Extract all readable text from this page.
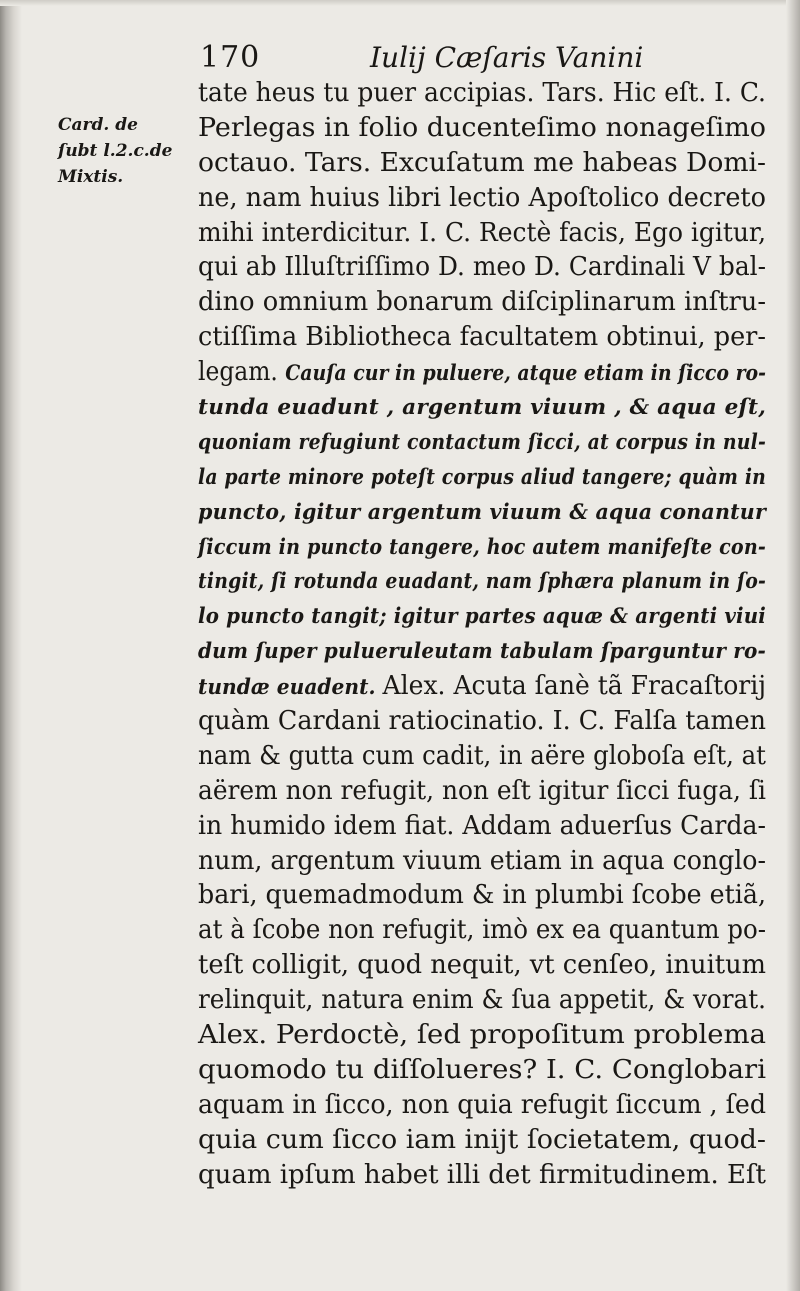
170	Iulij Cæſaris Vanini
Card. de
ſubt l.2.c.de
Mixtis.
tate heus tu puer accipias. Tars. Hic eſt. I. C.
Perlegas in folio ducenteſimo nonageſimo
octauo. Tars. Excuſatum me habeas Domi-
ne, nam huius libri lectio Apoſtolico decreto
mihi interdicitur. I. C. Rectè facis, Ego igitur,
qui ab Illuſtriſſimo D. meo D. Cardinali V bal-
dino omnium bonarum diſciplinarum inſtru-
ctiſſima Bibliotheca facultatem obtinui, per-
legam. Cauſa cur in puluere, atque etiam in ſicco ro-
tunda euadunt , argentum viuum , & aqua eſt,
quoniam refugiunt contactum ſicci, at corpus in nul-
la parte minore poteſt corpus aliud tangere; quàm in
puncto, igitur argentum viuum & aqua conantur
ſiccum in puncto tangere, hoc autem manifeſte con-
tingit, ſi rotunda euadant, nam ſphæra planum in ſo-
lo puncto tangit; igitur partes aquæ & argenti viui
dum ſuper pulueruleutam tabulam ſparguntur ro-
tundæ euadent. Alex. Acuta ſanè tã Fracaſtorij
quàm Cardani ratiocinatio. I. C. Falſa tamen
nam & gutta cum cadit, in aëre globoſa eſt, at
aërem non refugit, non eſt igitur ſicci fuga, ſi
in humido idem fiat. Addam aduerſus Carda-
num, argentum viuum etiam in aqua conglo-
bari, quemadmodum & in plumbi ſcobe etiã,
at à ſcobe non refugit, imò ex ea quantum po-
teſt colligit, quod nequit, vt cenſeo, inuitum
relinquit, natura enim & ſua appetit, & vorat.
Alex. Perdoctè, ſed propoſitum problema
quomodo tu diſſolueres? I. C. Conglobari
aquam in ſicco, non quia refugit ſiccum , ſed
quia cum ſicco iam inijt ſocietatem, quod-
quam ipſum habet illi det firmitudinem. Eſt
